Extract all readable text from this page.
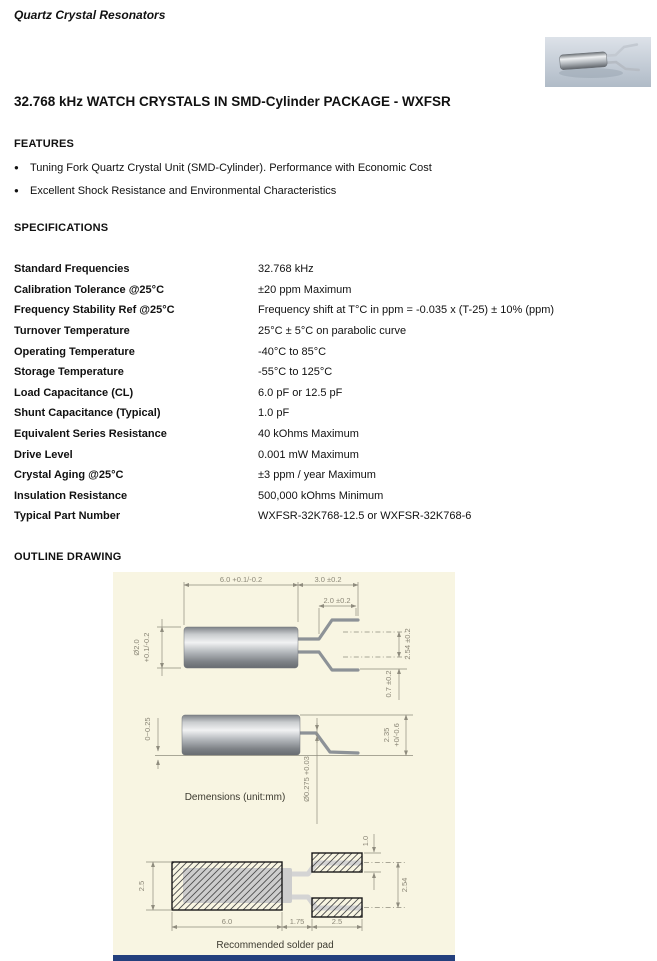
Quartz Crystal Resonators
32.768 kHz WATCH CRYSTALS IN SMD-Cylinder PACKAGE - WXFSR
FEATURES
●
Tuning Fork Quartz Crystal Unit (SMD-Cylinder). Performance with Economic Cost
●
Excellent Shock Resistance and Environmental Characteristics
SPECIFICATIONS
Standard Frequencies	32.768 kHz
Calibration Tolerance @25°C	±20 ppm Maximum
Frequency Stability Ref @25°C	Frequency shift at T°C in ppm = -0.035 x (T-25) ± 10% (ppm)
Turnover Temperature	25°C ± 5°C on parabolic curve
Operating Temperature	-40°C to 85°C
Storage Temperature	-55°C to 125°C
Load Capacitance (CL)	6.0 pF or 12.5 pF
Shunt Capacitance (Typical)	1.0 pF
Equivalent Series Resistance	40 kOhms Maximum
Drive Level	0.001 mW Maximum
Crystal Aging @25°C	±3 ppm / year Maximum
Insulation Resistance	500,000 kOhms Minimum
Typical Part Number	WXFSR-32K768-12.5 or WXFSR-32K768-6
OUTLINE DRAWING
6.0 +0.1/-0.2	3.0 ±0.2
2.0 ±0.2
Ø2.0 +0.1/-0.2	2.54 ±0.2
0.7 ±0.2
0~0.25	2.35 +0/-0.6
Ø0.275 +0.03
Demensions (unit:mm)
2.5
6.0	1.75	2.5
1.0
2.54
Recommended solder pad
